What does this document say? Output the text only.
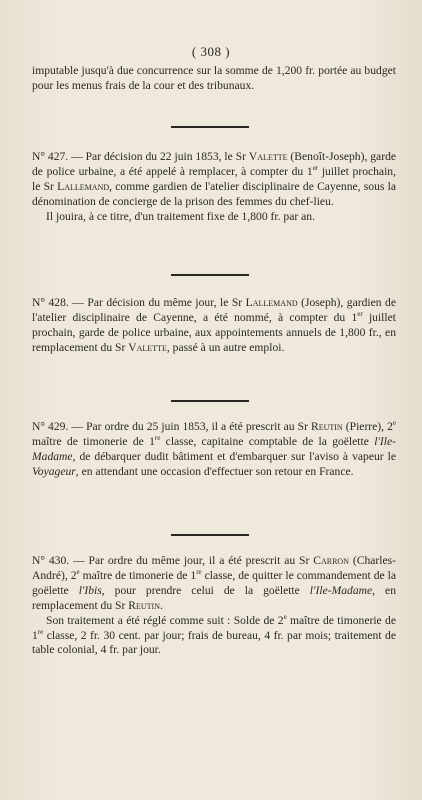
( 308 )

imputable jusqu'à due concurrence sur la somme de 1,200 fr. portée au budget pour les menus frais de la cour et des tribunaux.

N° 427. — Par décision du 22 juin 1853, le Sr Valette (Benoît-Joseph), garde de police urbaine, a été appelé à remplacer, à compter du 1er juillet prochain, le Sr Lallemand, comme gardien de l'atelier disciplinaire de Cayenne, sous la dénomination de concierge de la prison des femmes du chef-lieu.

Il jouira, à ce titre, d'un traitement fixe de 1,800 fr. par an.

N° 428. — Par décision du même jour, le Sr Lallemand (Joseph), gardien de l'atelier disciplinaire de Cayenne, a été nommé, à compter du 1er juillet prochain, garde de police urbaine, aux appointements annuels de 1,800 fr., en remplacement du Sr Valette, passé à un autre emploi.

N° 429. — Par ordre du 25 juin 1853, il a été prescrit au Sr Reutin (Pierre), 2e maître de timonerie de 1re classe, capitaine comptable de la goëlette l'Ile-Madame, de débarquer dudit bâtiment et d'embarquer sur l'aviso à vapeur le Voyageur, en attendant une occasion d'effectuer son retour en France.

N° 430. — Par ordre du même jour, il a été prescrit au Sr Carron (Charles-André), 2e maître de timonerie de 1re classe, de quitter le commandement de la goëlette l'Ibis, pour prendre celui de la goëlette l'Ile-Madame, en remplacement du Sr Reutin.

Son traitement a été réglé comme suit : Solde de 2e maître de timonerie de 1re classe, 2 fr. 30 cent. par jour; frais de bureau, 4 fr. par mois; traitement de table colonial, 4 fr. par jour.
